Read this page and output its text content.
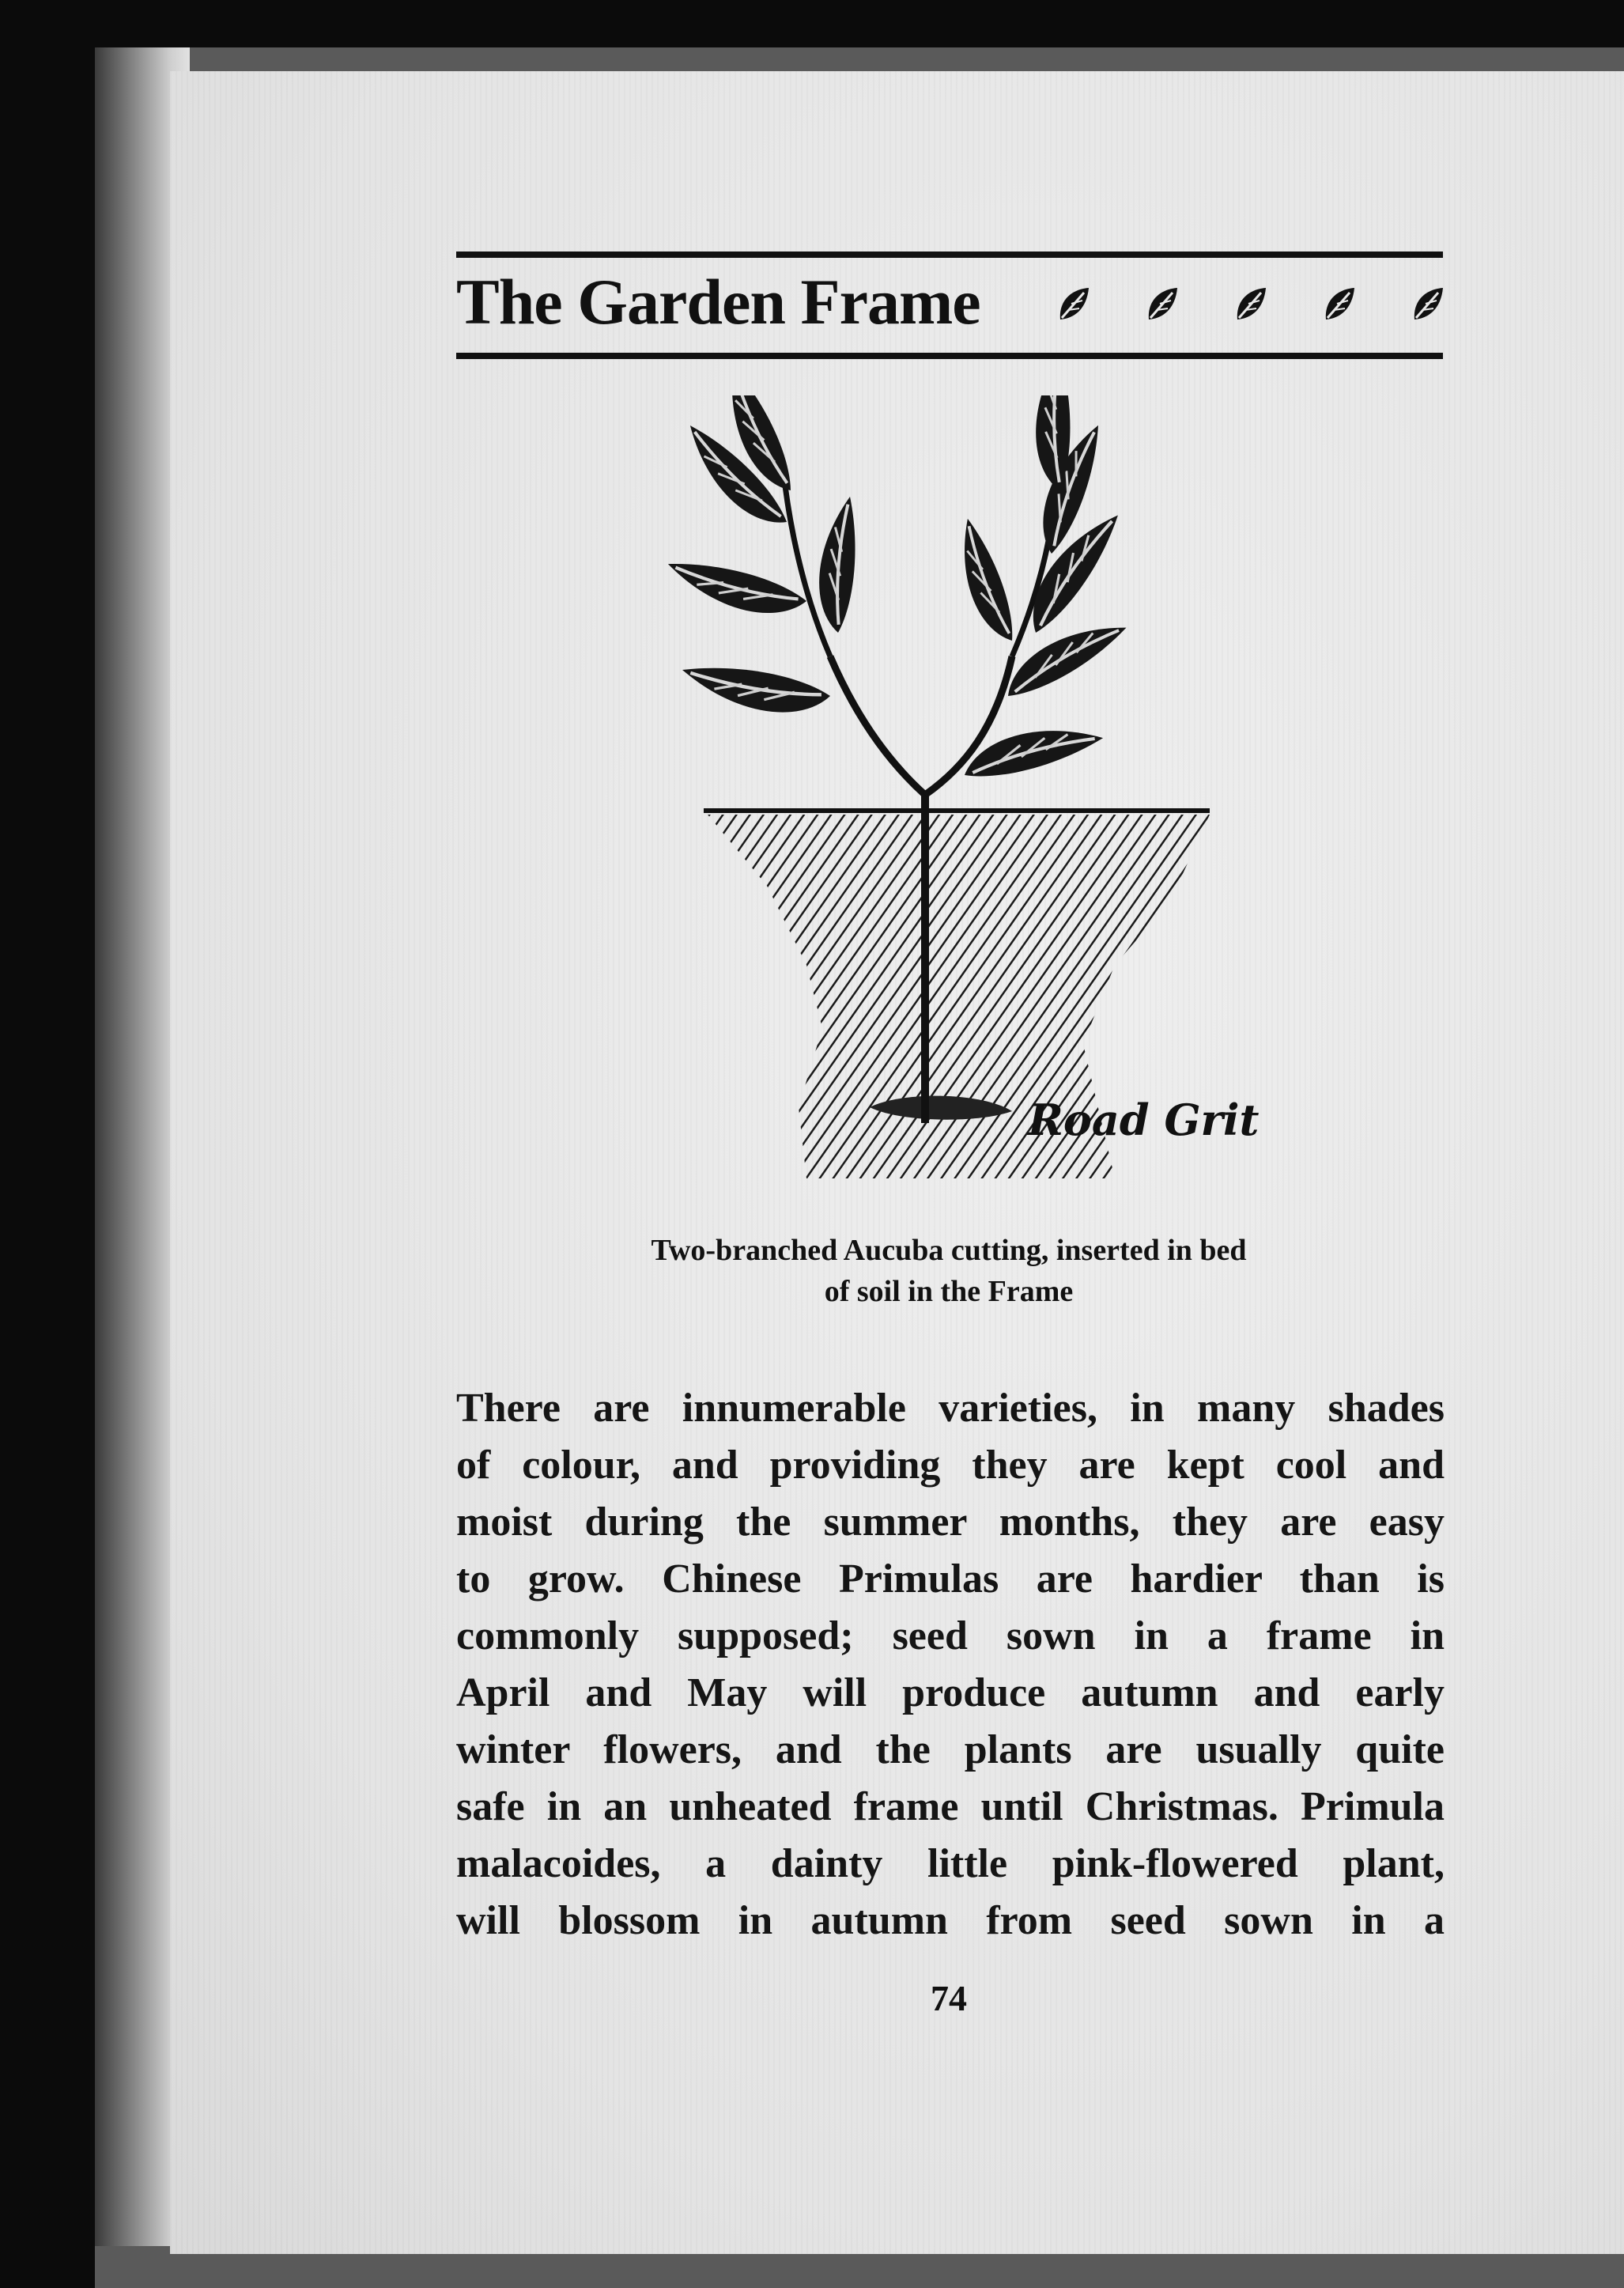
The Garden Frame
Road Grit
Two-branched Aucuba cutting, inserted in bed
of soil in the Frame
There are innumerable varieties, in many shades
of colour, and providing they are kept cool and
moist during the summer months, they are easy
to grow. Chinese Primulas are hardier than is
commonly supposed; seed sown in a frame in
April and May will produce autumn and early
winter flowers, and the plants are usually quite
safe in an unheated frame until Christmas. Primula
malacoides, a dainty little pink-flowered plant,
will blossom in autumn from seed sown in a
74
